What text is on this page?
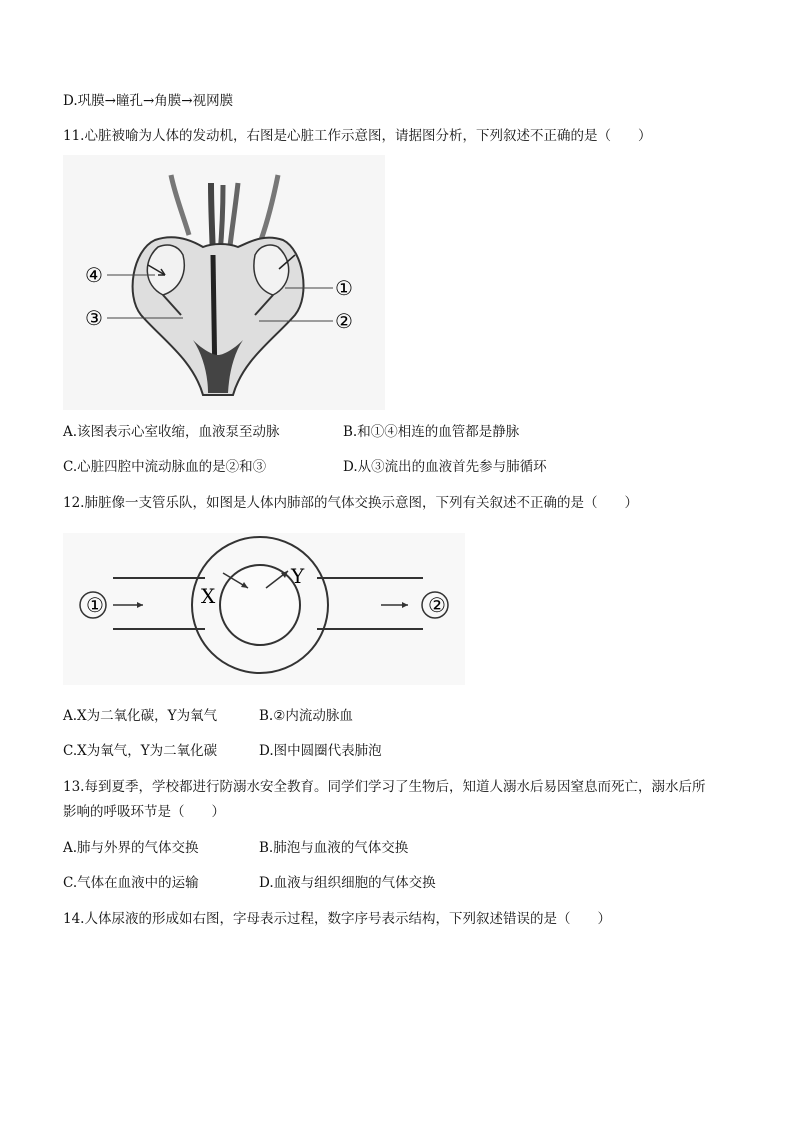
D.巩膜→瞳孔→角膜→视网膜
11.心脏被喻为人体的发动机，右图是心脏工作示意图，请据图分析，下列叙述不正确的是（　　）
④
③
①
②
A.该图表示心室收缩，血液泵至动脉	B.和①④相连的血管都是静脉
C.心脏四腔中流动脉血的是②和③	D.从③流出的血液首先参与肺循环
12.肺脏像一支管乐队，如图是人体内肺部的气体交换示意图，下列有关叙述不正确的是（　　）
①	②
X
Y
A.X为二氧化碳，Y为氧气	B.②内流动脉血
C.X为氧气，Y为二氧化碳	D.图中圆圈代表肺泡
13.每到夏季，学校都进行防溺水安全教育。同学们学习了生物后，知道人溺水后易因窒息而死亡，溺水后所
影响的呼吸环节是（　　）
A.肺与外界的气体交换	B.肺泡与血液的气体交换
C.气体在血液中的运输	D.血液与组织细胞的气体交换
14.人体尿液的形成如右图，字母表示过程，数字序号表示结构，下列叙述错误的是（　　）
